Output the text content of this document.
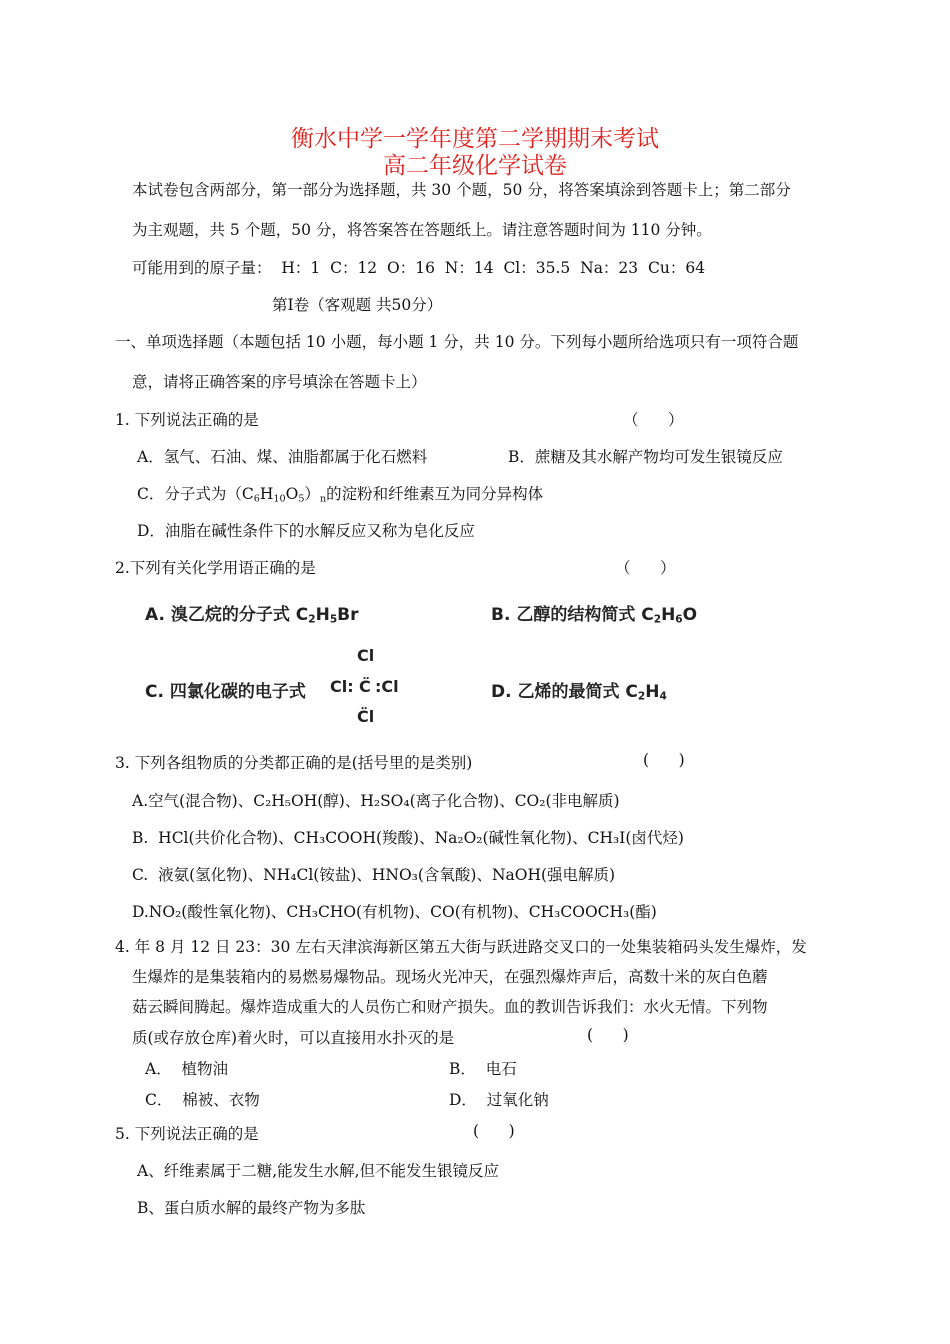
衡水中学一学年度第二学期期末考试
高二年级化学试卷
本试卷包含两部分，第一部分为选择题，共 30 个题，50 分，将答案填涂到答题卡上；第二部分
为主观题，共 5 个题，50 分，将答案答在答题纸上。请注意答题时间为 110 分钟。
可能用到的原子量：  H：1  C：12  O：16  N：14  Cl：35.5  Na：23  Cu：64
第I卷（客观题 共50分）
一、单项选择题（本题包括 10 小题，每小题 1 分，共 10 分。下列每小题所给选项只有一项符合题
意，请将正确答案的序号填涂在答题卡上）
1. 下列说法正确的是	（      ）
A．氢气、石油、煤、油脂都属于化石燃料	B．蔗糖及其水解产物均可发生银镜反应
C．分子式为$(C_6H_{10}O_5)_n$的淀粉和纤维素互为同分异构体
D．油脂在碱性条件下的水解反应又称为皂化反应
2.下列有关化学用语正确的是	（      ）
A. 溴乙烷的分子式 $C_2H_5Br$	B. 乙醇的结构简式 $C_2H_6O$
C. 四氯化碳的电子式
Cl
Cl: C̈ :Cl
C̈l
D. 乙烯的最简式 $C_2H_4$
3. 下列各组物质的分类都正确的是(括号里的是类别)	(      )
A.空气(混合物)、C₂H₅OH(醇)、H₂SO₄(离子化合物)、CO₂(非电解质)
B.  HCl(共价化合物)、CH₃COOH(羧酸)、Na₂O₂(碱性氧化物)、CH₃I(卤代烃)
C.  液氨(氢化物)、NH₄Cl(铵盐)、HNO₃(含氧酸)、NaOH(强电解质)
D.NO₂(酸性氧化物)、CH₃CHO(有机物)、CO(有机物)、CH₃COOCH₃(酯)
4. 年 8 月 12 日 23：30 左右天津滨海新区第五大街与跃进路交叉口的一处集装箱码头发生爆炸，发
生爆炸的是集装箱内的易燃易爆物品。现场火光冲天，在强烈爆炸声后，高数十米的灰白色蘑
菇云瞬间腾起。爆炸造成重大的人员伤亡和财产损失。血的教训告诉我们：水火无情。下列物
质(或存放仓库)着火时，可以直接用水扑灭的是	(      )
A．  植物油	B．  电石
C．  棉被、衣物	D．  过氧化钠
5. 下列说法正确的是	(      )
A、纤维素属于二糖,能发生水解,但不能发生银镜反应
B、蛋白质水解的最终产物为多肽
